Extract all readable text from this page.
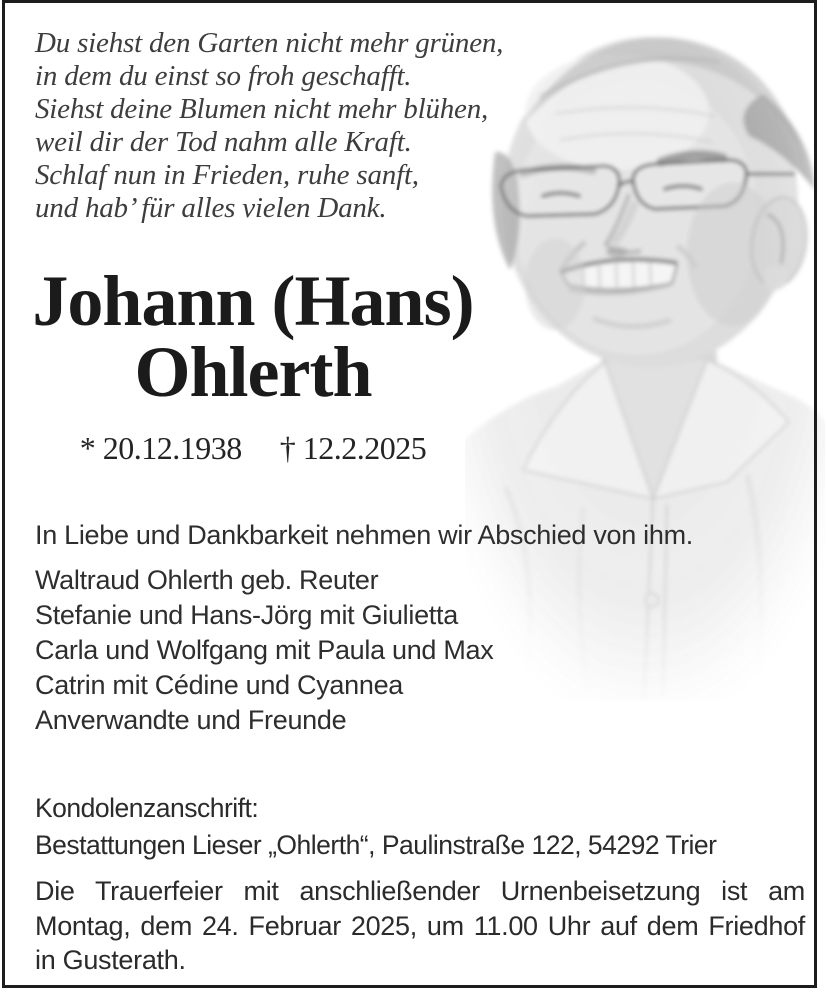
Du siehst den Garten nicht mehr grünen,
in dem du einst so froh geschafft.
Siehst deine Blumen nicht mehr blühen,
weil dir der Tod nahm alle Kraft.
Schlaf nun in Frieden, ruhe sanft,
und hab’ für alles vielen Dank.
Johann (Hans)
Ohlerth
* 20.12.1938 † 12.2.2025
In Liebe und Dankbarkeit nehmen wir Abschied von ihm.
Waltraud Ohlerth geb. Reuter
Stefanie und Hans-Jörg mit Giulietta
Carla und Wolfgang mit Paula und Max
Catrin mit Cédine und Cyannea
Anverwandte und Freunde
Kondolenzanschrift:
Bestattungen Lieser „Ohlerth“, Paulinstraße 122, 54292 Trier
Die Trauerfeier mit anschließender Urnenbeisetzung ist am Montag, dem 24. Februar 2025, um 11.00 Uhr auf dem Friedhof in Gusterath.
